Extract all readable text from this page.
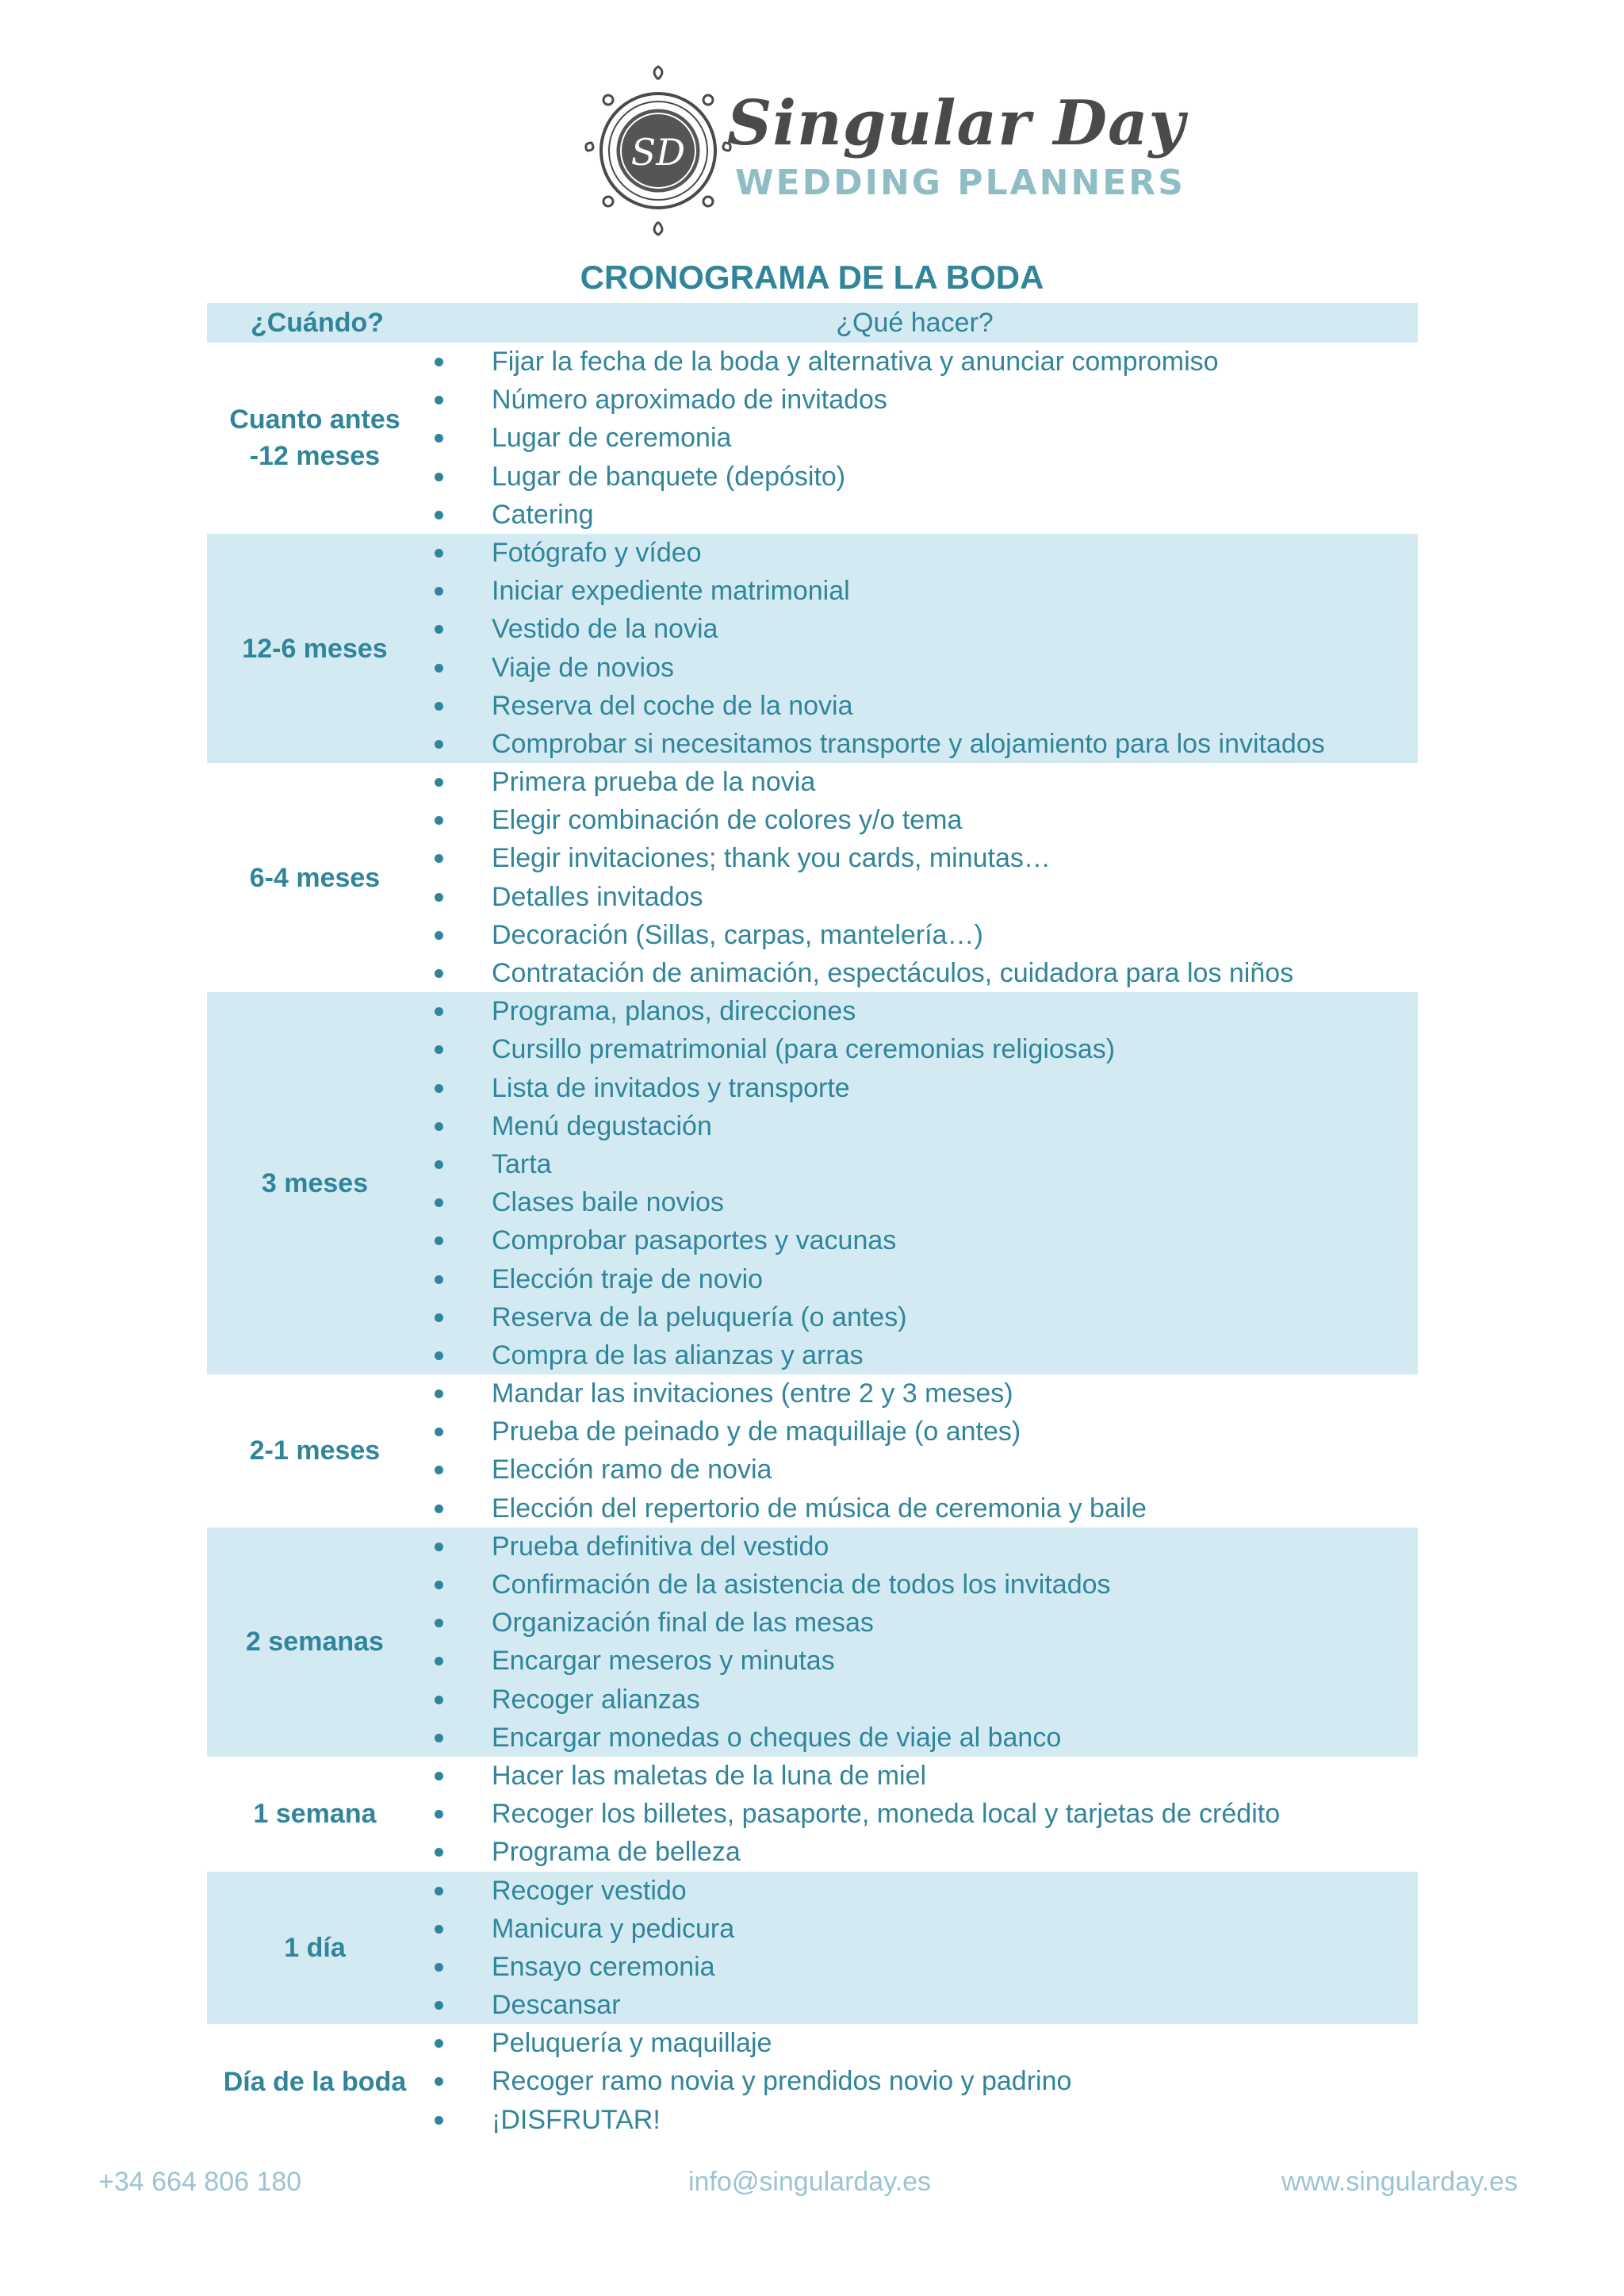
SD Singular Day
WEDDING PLANNERS
CRONOGRAMA DE LA BODA
¿Cuándo?	¿Qué hacer?
Cuanto antes
-12 meses
Fijar la fecha de la boda y alternativa y anunciar compromiso
Número aproximado de invitados
Lugar de ceremonia
Lugar de banquete (depósito)
Catering
12-6 meses
Fotógrafo y vídeo
Iniciar expediente matrimonial
Vestido de la novia
Viaje de novios
Reserva del coche de la novia
Comprobar si necesitamos transporte y alojamiento para los invitados
6-4 meses
Primera prueba de la novia
Elegir combinación de colores y/o tema
Elegir invitaciones; thank you cards, minutas…
Detalles invitados
Decoración (Sillas, carpas, mantelería…)
Contratación de animación, espectáculos, cuidadora para los niños
3 meses
Programa, planos, direcciones
Cursillo prematrimonial (para ceremonias religiosas)
Lista de invitados y transporte
Menú degustación
Tarta
Clases baile novios
Comprobar pasaportes y vacunas
Elección traje de novio
Reserva de la peluquería (o antes)
Compra de las alianzas y arras
2-1 meses
Mandar las invitaciones (entre 2 y 3 meses)
Prueba de peinado y de maquillaje (o antes)
Elección ramo de novia
Elección del repertorio de música de ceremonia y baile
2 semanas
Prueba definitiva del vestido
Confirmación de la asistencia de todos los invitados
Organización final de las mesas
Encargar meseros y minutas
Recoger alianzas
Encargar monedas o cheques de viaje al banco
1 semana
Hacer las maletas de la luna de miel
Recoger los billetes, pasaporte, moneda local y tarjetas de crédito
Programa de belleza
1 día
Recoger vestido
Manicura y pedicura
Ensayo ceremonia
Descansar
Día de la boda
Peluquería y maquillaje
Recoger ramo novia y prendidos novio y padrino
¡DISFRUTAR!
+34 664 806 180	info@singularday.es	www.singularday.es
